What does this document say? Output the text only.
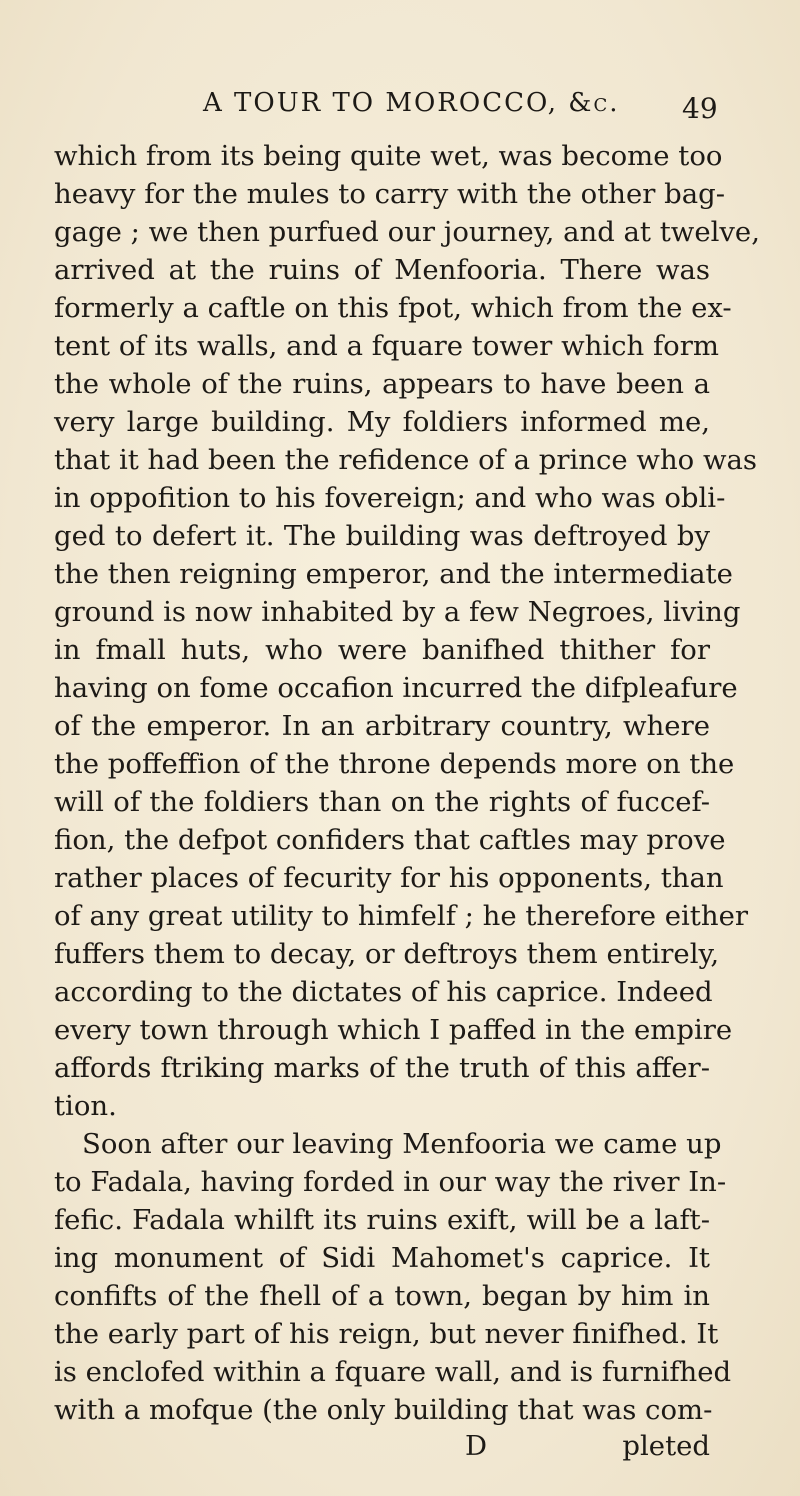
A TOUR TO MOROCCO, &c. 49
which from its being quite wet, was become too
heavy for the mules to carry with the other bag-
gage ; we then purfued our journey, and at twelve,
arrived at the ruins of Menfooria. There was
formerly a caftle on this fpot, which from the ex-
tent of its walls, and a fquare tower which form
the whole of the ruins, appears to have been a
very large building. My foldiers informed me,
that it had been the refidence of a prince who was
in oppofition to his fovereign; and who was obli-
ged to defert it. The building was deftroyed by
the then reigning emperor, and the intermediate
ground is now inhabited by a few Negroes, living
in fmall huts, who were banifhed thither for
having on fome occafion incurred the difpleafure
of the emperor. In an arbitrary country, where
the poffeffion of the throne depends more on the
will of the foldiers than on the rights of fuccef-
fion, the defpot confiders that caftles may prove
rather places of fecurity for his opponents, than
of any great utility to himfelf ; he therefore either
fuffers them to decay, or deftroys them entirely,
according to the dictates of his caprice. Indeed
every town through which I paffed in the empire
affords ftriking marks of the truth of this affer-
tion.
Soon after our leaving Menfooria we came up
to Fadala, having forded in our way the river In-
fefic. Fadala whilft its ruins exift, will be a laft-
ing monument of Sidi Mahomet's caprice. It
confifts of the fhell of a town, began by him in
the early part of his reign, but never finifhed. It
is enclofed within a fquare wall, and is furnifhed
with a mofque (the only building that was com-
D	pleted
